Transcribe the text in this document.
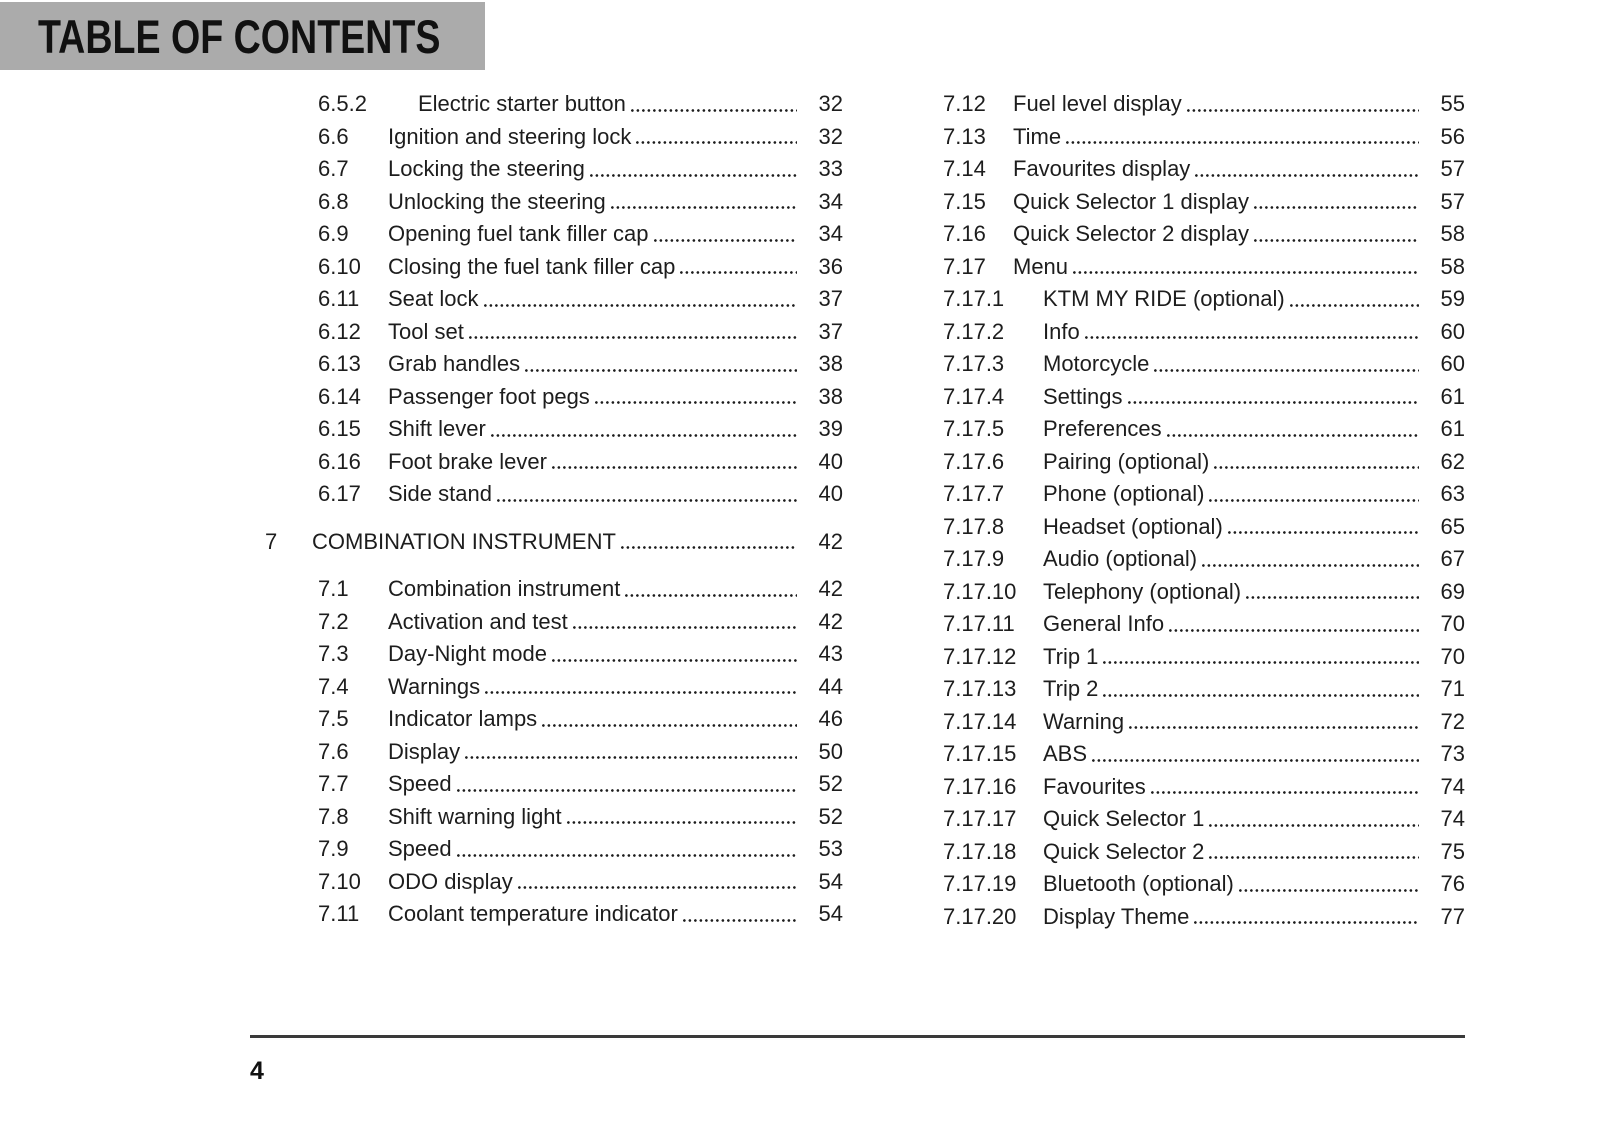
TABLE OF CONTENTS
6.5.2	Electric starter button	32
6.6	Ignition and steering lock	32
6.7	Locking the steering	33
6.8	Unlocking the steering	34
6.9	Opening fuel tank filler cap	34
6.10	Closing the fuel tank filler cap	36
6.11	Seat lock	37
6.12	Tool set	37
6.13	Grab handles	38
6.14	Passenger foot pegs	38
6.15	Shift lever	39
6.16	Foot brake lever	40
6.17	Side stand	40
7	COMBINATION INSTRUMENT	42
7.1	Combination instrument	42
7.2	Activation and test	42
7.3	Day-Night mode	43
7.4	Warnings	44
7.5	Indicator lamps	46
7.6	Display	50
7.7	Speed	52
7.8	Shift warning light	52
7.9	Speed	53
7.10	ODO display	54
7.11	Coolant temperature indicator	54
7.12	Fuel level display	55
7.13	Time	56
7.14	Favourites display	57
7.15	Quick Selector 1 display	57
7.16	Quick Selector 2 display	58
7.17	Menu	58
7.17.1	KTM MY RIDE (optional)	59
7.17.2	Info	60
7.17.3	Motorcycle	60
7.17.4	Settings	61
7.17.5	Preferences	61
7.17.6	Pairing (optional)	62
7.17.7	Phone (optional)	63
7.17.8	Headset (optional)	65
7.17.9	Audio (optional)	67
7.17.10	Telephony (optional)	69
7.17.11	General Info	70
7.17.12	Trip 1	70
7.17.13	Trip 2	71
7.17.14	Warning	72
7.17.15	ABS	73
7.17.16	Favourites	74
7.17.17	Quick Selector 1	74
7.17.18	Quick Selector 2	75
7.17.19	Bluetooth (optional)	76
7.17.20	Display Theme	77
4
